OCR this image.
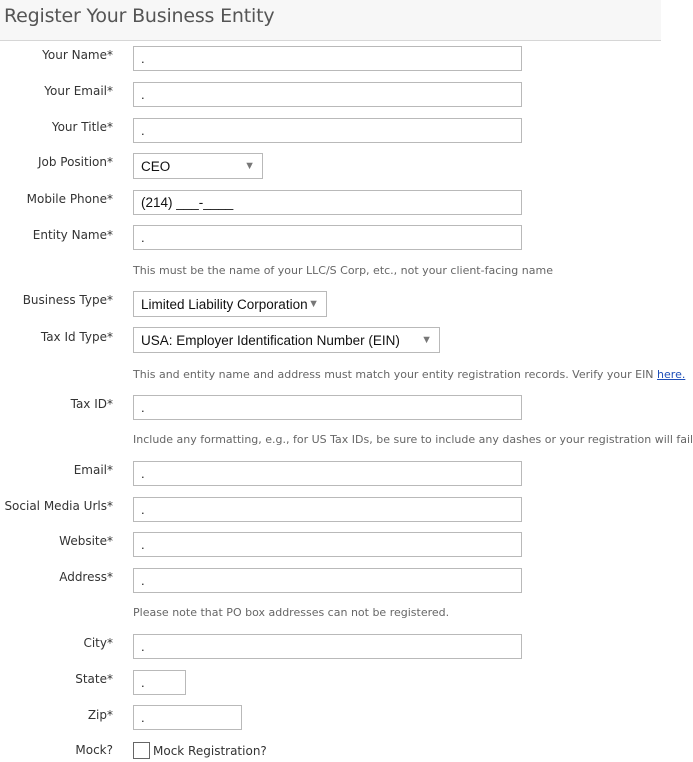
Register Your Business Entity
Your Name*
.
Your Email*
.
Your Title*
.
Job Position* CEO	▼
Mobile Phone*
(214) ___-____
Entity Name*
.
This must be the name of your LLC/S Corp, etc., not your client-facing name
Business Type* Limited Liability Corporation ▼
Tax Id Type* USA: Employer Identification Number (EIN) ▼
This and entity name and address must match your entity registration records. Verify your EIN here.
Tax ID*
.
Include any formatting, e.g., for US Tax IDs, be sure to include any dashes or your registration will fail
Email*
.
Social Media Urls*
.
Website*
.
Address*
.
Please note that PO box addresses can not be registered.
City*
.
State*
.
Zip*
.
Mock?	Mock Registration?
